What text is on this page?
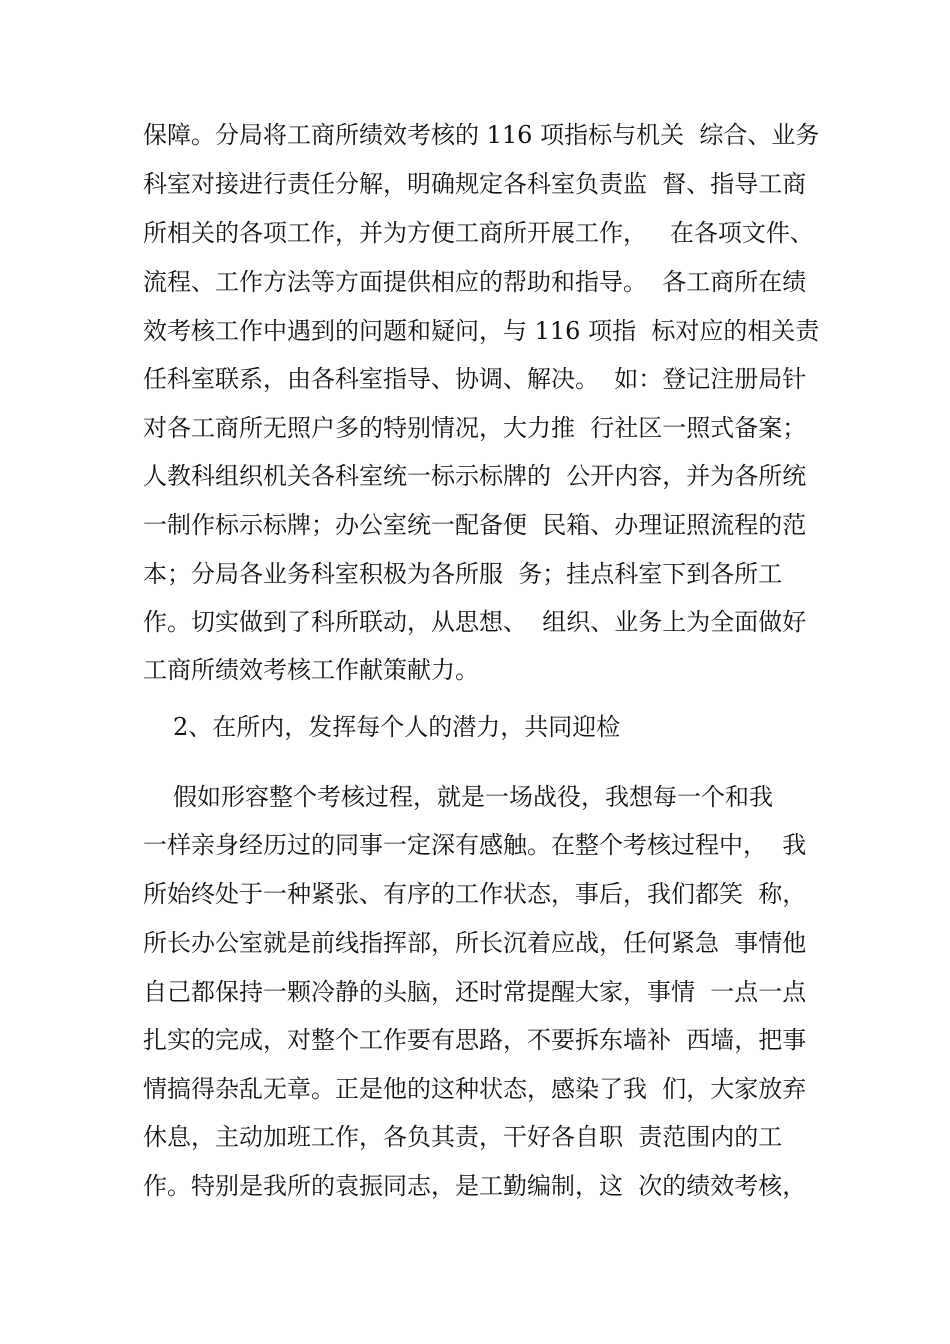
保障。分局将工商所绩效考核的 116 项指标与机关  综合、业务
科室对接进行责任分解，明确规定各科室负责监  督、指导工商
所相关的各项工作，并为方便工商所开展工作，   在各项文件、
流程、工作方法等方面提供相应的帮助和指导。  各工商所在绩
效考核工作中遇到的问题和疑问，与 116 项指  标对应的相关责
任科室联系，由各科室指导、协调、解决。  如：登记注册局针
对各工商所无照户多的特别情况，大力推  行社区一照式备案；
人教科组织机关各科室统一标示标牌的  公开内容，并为各所统
一制作标示标牌；办公室统一配备便  民箱、办理证照流程的范
本；分局各业务科室积极为各所服  务；挂点科室下到各所工
作。切实做到了科所联动，从思想、  组织、业务上为全面做好
工商所绩效考核工作献策献力。
2、在所内，发挥每个人的潜力，共同迎检
假如形容整个考核过程，就是一场战役，我想每一个和我
一样亲身经历过的同事一定深有感触。在整个考核过程中，  我
所始终处于一种紧张、有序的工作状态，事后，我们都笑  称，
所长办公室就是前线指挥部，所长沉着应战，任何紧急  事情他
自己都保持一颗冷静的头脑，还时常提醒大家，事情  一点一点
扎实的完成，对整个工作要有思路，不要拆东墙补  西墙，把事
情搞得杂乱无章。正是他的这种状态，感染了我  们，大家放弃
休息，主动加班工作，各负其责，干好各自职  责范围内的工
作。特别是我所的袁振同志，是工勤编制，这  次的绩效考核，
